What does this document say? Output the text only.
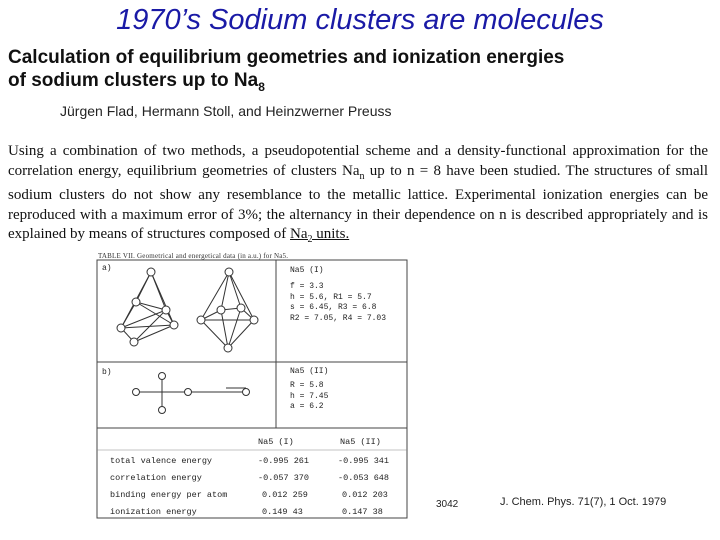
1970’s Sodium clusters are molecules
Calculation of equilibrium geometries and ionization energies
of sodium clusters up to $Na_8$
Jürgen Flad, Hermann Stoll, and Heinzwerner Preuss
Using a combination of two methods, a pseudopotential scheme and a density-functional approximation for the correlation energy, equilibrium geometries of clusters $Na_n$ up to n = 8 have been studied. The structures of small sodium clusters do not show any resemblance to the metallic lattice. Experimental ionization energies can be reproduced with a maximum error of 3%; the alternancy in their dependence on n is described appropriately and is explained by means of structures composed of $Na_2$ units.
TABLE VII. Geometrical and energetical data (in a.u.) for Na5.
a)
b)
Na5 (I)
f = 3.3
h = 5.6, R1 = 5.7
s = 6.45, R3 = 6.8
R2 = 7.05, R4 = 7.03
Na5 (II)
R = 5.8
h = 7.45
a = 6.2
Na5 (I)	Na5 (II)
total valence energy	-0.995 261	-0.995 341
correlation energy	-0.057 370	-0.053 648
binding energy per atom	0.012 259	0.012 203
ionization energy	0.149 43	0.147 38
3042	J. Chem. Phys. 71(7), 1 Oct. 1979
